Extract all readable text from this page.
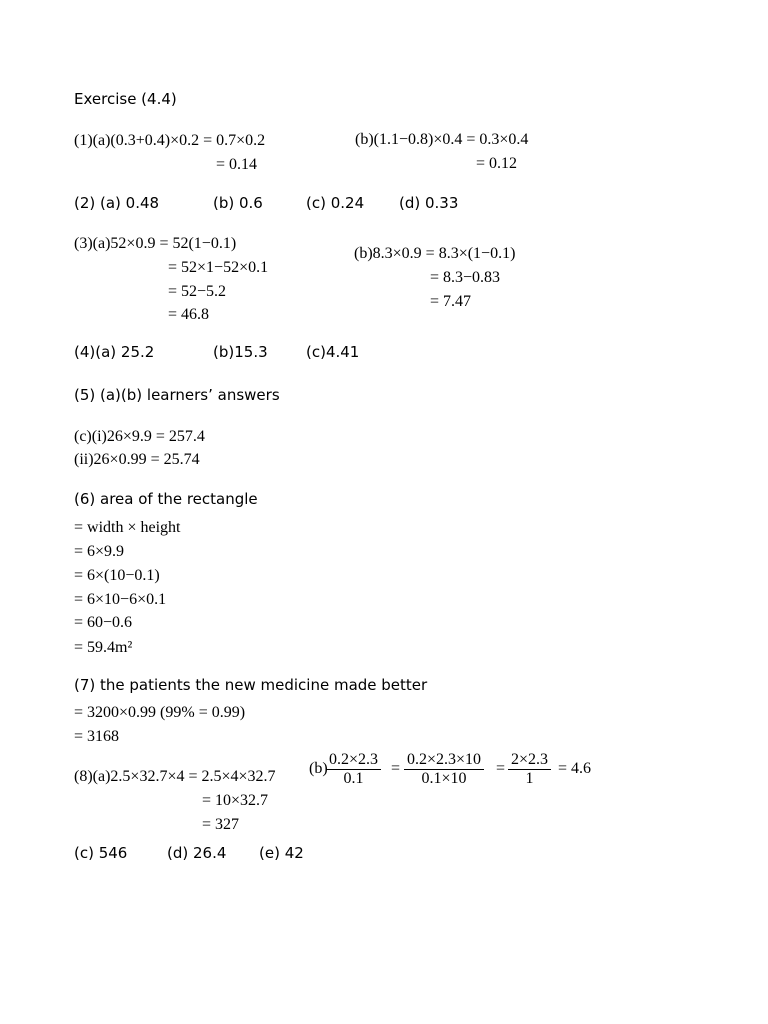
Exercise (4.4)
(1)(a)(0.3+0.4)×0.2 = 0.7×0.2
= 0.14
(b)(1.1−0.8)×0.4 = 0.3×0.4
= 0.12
(2) (a) 0.48	(b) 0.6	(c) 0.24 (d) 0.33
(3)(a)52×0.9 = 52(1−0.1)
= 52×1−52×0.1
= 52−5.2
= 46.8
(b)8.3×0.9 = 8.3×(1−0.1)
= 8.3−0.83
= 7.47
(4)(a) 25.2	(b)15.3	(c)4.41
(5) (a)(b) learners’ answers
(c)(i)26×9.9 = 257.4
(ii)26×0.99 = 25.74
(6) area of the rectangle
= width × height
= 6×9.9
= 6×(10−0.1)
= 6×10−6×0.1
= 60−0.6
= 59.4m²
(7) the patients the new medicine made better
= 3200×0.99 (99% = 0.99)
= 3168
(8)(a)2.5×32.7×4 = 2.5×4×32.7
= 10×32.7
= 327
(b)
$\frac{0.2\times 2.3}{0.1} = \frac{0.2\times 2.3\times 10}{0.1\times 10} = \frac{2\times 2.3}{1} = 4.6$
(c) 546	(d) 26.4 (e) 42
